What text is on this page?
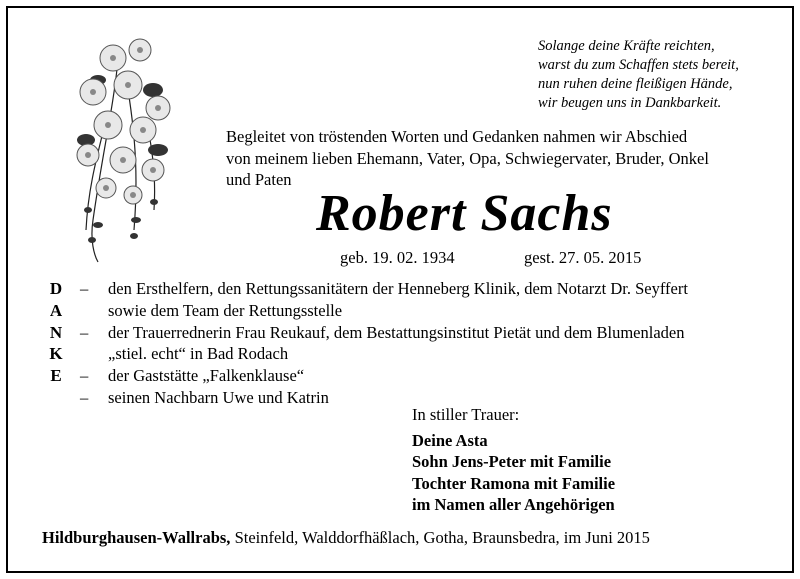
Solange deine Kräfte reichten,
warst du zum Schaffen stets bereit,
nun ruhen deine fleißigen Hände,
wir beugen uns in Dankbarkeit.
Begleitet von tröstenden Worten und Gedanken nahmen wir Abschied
von meinem lieben Ehemann, Vater, Opa, Schwiegervater, Bruder, Onkel
und Paten
Robert Sachs
geb. 19. 02. 1934	gest. 27. 05. 2015
D
A
N
K
E
– den Ersthelfern, den Rettungssanitätern der Henneberg Klinik, dem Notarzt Dr. Seyffert
sowie dem Team der Rettungsstelle
– der Trauerrednerin Frau Reukauf, dem Bestattungsinstitut Pietät und dem Blumenladen
„stiel. echt“ in Bad Rodach
– der Gaststätte „Falkenklause“
– seinen Nachbarn Uwe und Katrin
In stiller Trauer:
Deine Asta
Sohn Jens-Peter mit Familie
Tochter Ramona mit Familie
im Namen aller Angehörigen
Hildburghausen-Wallrabs, Steinfeld, Walddorfhäßlach, Gotha, Braunsbedra, im Juni 2015
